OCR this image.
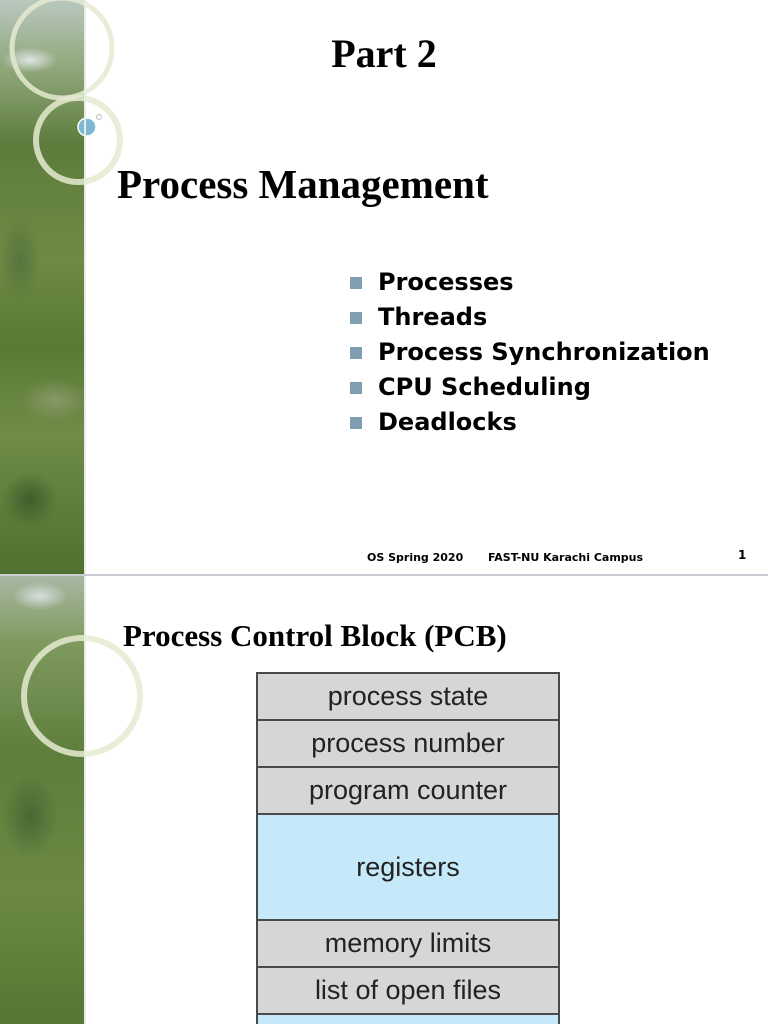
Part 2
Process Management
Processes
Threads
Process Synchronization
CPU Scheduling
Deadlocks
OS Spring 2020 FAST-NU Karachi Campus	1
Process Control Block (PCB)
process state
process number
program counter
registers
memory limits
list of open files
